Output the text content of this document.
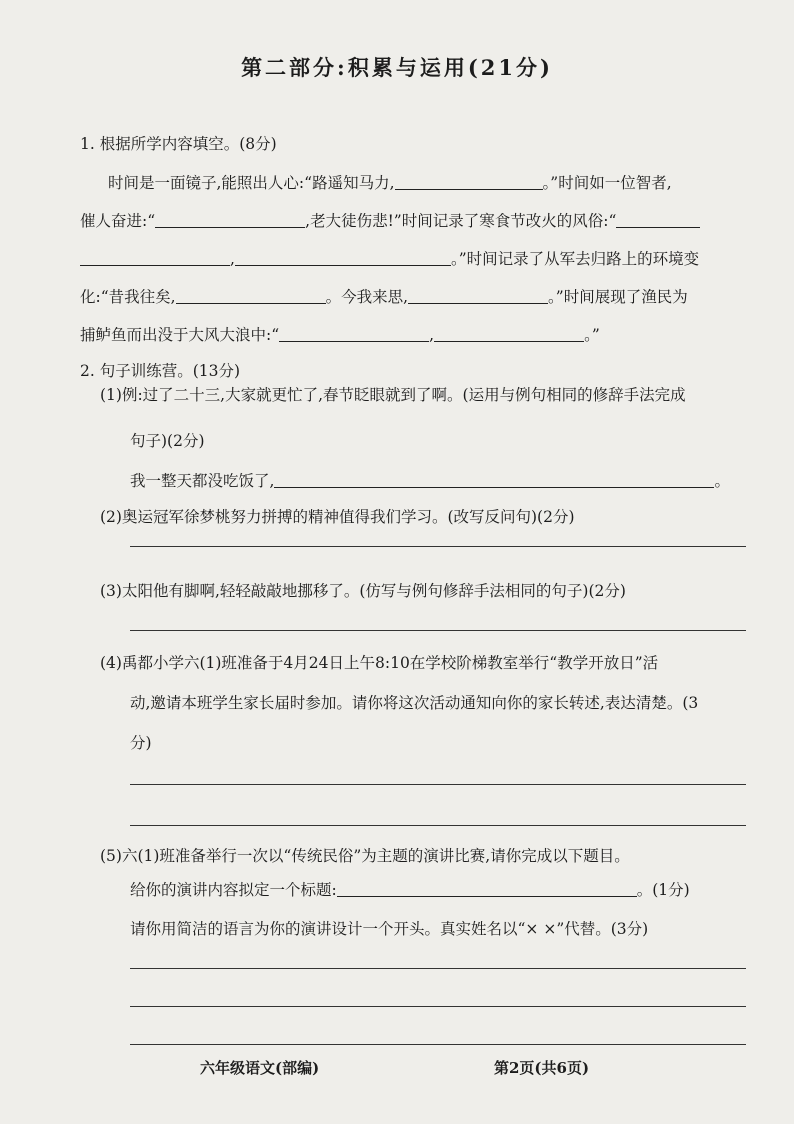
第二部分:积累与运用(21分)
1. 根据所学内容填空。(8分)
时间是一面镜子,能照出人心:“路遥知马力,	。”时间如一位智者,
催人奋进:“	,老大徒伤悲!”时间记录了寒食节改火的风俗:“
,	。”时间记录了从军去归路上的环境变
化:“昔我往矣,	。今我来思,	。”时间展现了渔民为
捕鲈鱼而出没于大风大浪中:“	,	。”
2. 句子训练营。(13分)
(1)例:过了二十三,大家就更忙了,春节眨眼就到了啊。(运用与例句相同的修辞手法完成
句子)(2分)
我一整天都没吃饭了,	。
(2)奥运冠军徐梦桃努力拼搏的精神值得我们学习。(改写反问句)(2分)
(3)太阳他有脚啊,轻轻敲敲地挪移了。(仿写与例句修辞手法相同的句子)(2分)
(4)禹都小学六(1)班准备于4月24日上午8:10在学校阶梯教室举行“教学开放日”活
动,邀请本班学生家长届时参加。请你将这次活动通知向你的家长转述,表达清楚。(3
分)
(5)六(1)班准备举行一次以“传统民俗”为主题的演讲比赛,请你完成以下题目。
给你的演讲内容拟定一个标题:	。(1分)
请你用简洁的语言为你的演讲设计一个开头。真实姓名以“× ×”代替。(3分)
六年级语文(部编)	第2页(共6页)
